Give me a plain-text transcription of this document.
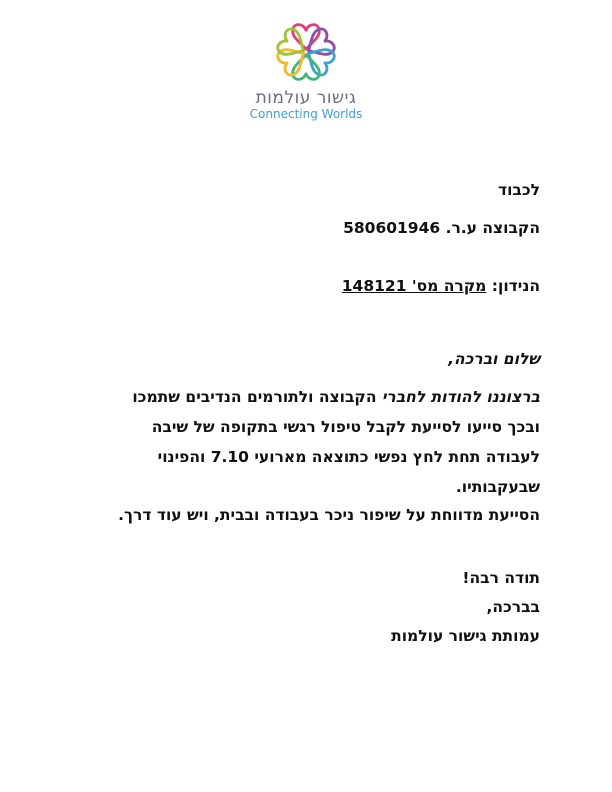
גישור עולמות
Connecting Worlds
לכבוד
הקבוצה ע.ר. 580601946
הנידון: מקרה מס' 148121
שלום וברכה,
ברצוננו להודות לחברי הקבוצה ולתורמים הנדיבים שתמכו
ובכך סייעו לסייעת לקבל טיפול רגשי בתקופה של שיבה
לעבודה תחת לחץ נפשי כתוצאה מארועי 7.10 והפינוי
שבעקבותיו.
הסייעת מדווחת על שיפור ניכר בעבודה ובבית, ויש עוד דרך.
תודה רבה!
בברכה,
עמותת גישור עולמות
